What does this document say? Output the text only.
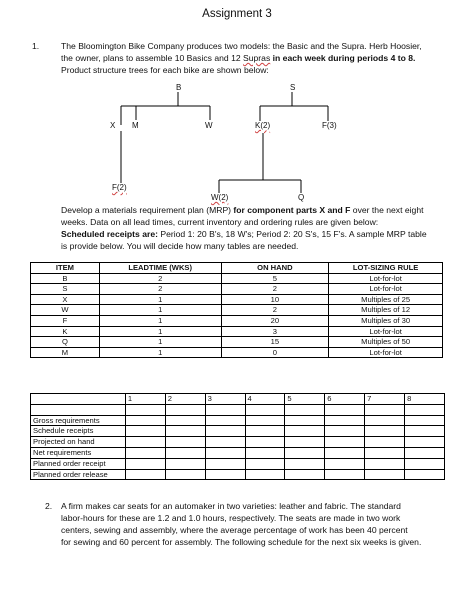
Assignment 3
1.	The Bloomington Bike Company produces two models: the Basic and the Supra. Herb Hoosier,
the owner, plans to assemble 10 Basics and 12 Supras in each week during periods 4 to 8.
Product structure trees for each bike are shown below:
B	S
X M	W	K(2)	F(3)
F(2)
W(2)	Q
Develop a materials requirement plan (MRP) for component parts X and F over the next eight
weeks. Data on all lead times, current inventory and ordering rules are given below:
Scheduled receipts are: Period 1: 20 B's, 18 W's; Period 2: 20 S's, 15 F's. A sample MRP table
is provide below. You will decide how many tables are needed.
ITEM	LEADTIME (WKS)	ON HAND	LOT-SIZING RULE
B	2	5	Lot-for-lot
S	2	2	Lot-for-lot
X	1	10	Multiples of 25
W	1	2	Multiples of 12
F	1	20	Multiples of 30
K	1	3	Lot-for-lot
Q	1	15	Multiples of 50
M	1	0	Lot-for-lot
	1	2	3	4	5	6	7	8

Gross requirements								
Schedule receipts								
Projected on hand								
Net requirements								
Planned order receipt								
Planned order release								
2. A firm makes car seats for an automaker in two varieties: leather and fabric. The standard
labor-hours for these are 1.2 and 1.0 hours, respectively. The seats are made in two work
centers, sewing and assembly, where the average percentage of work has been 40 percent
for sewing and 60 percent for assembly. The following schedule for the next six weeks is given.
